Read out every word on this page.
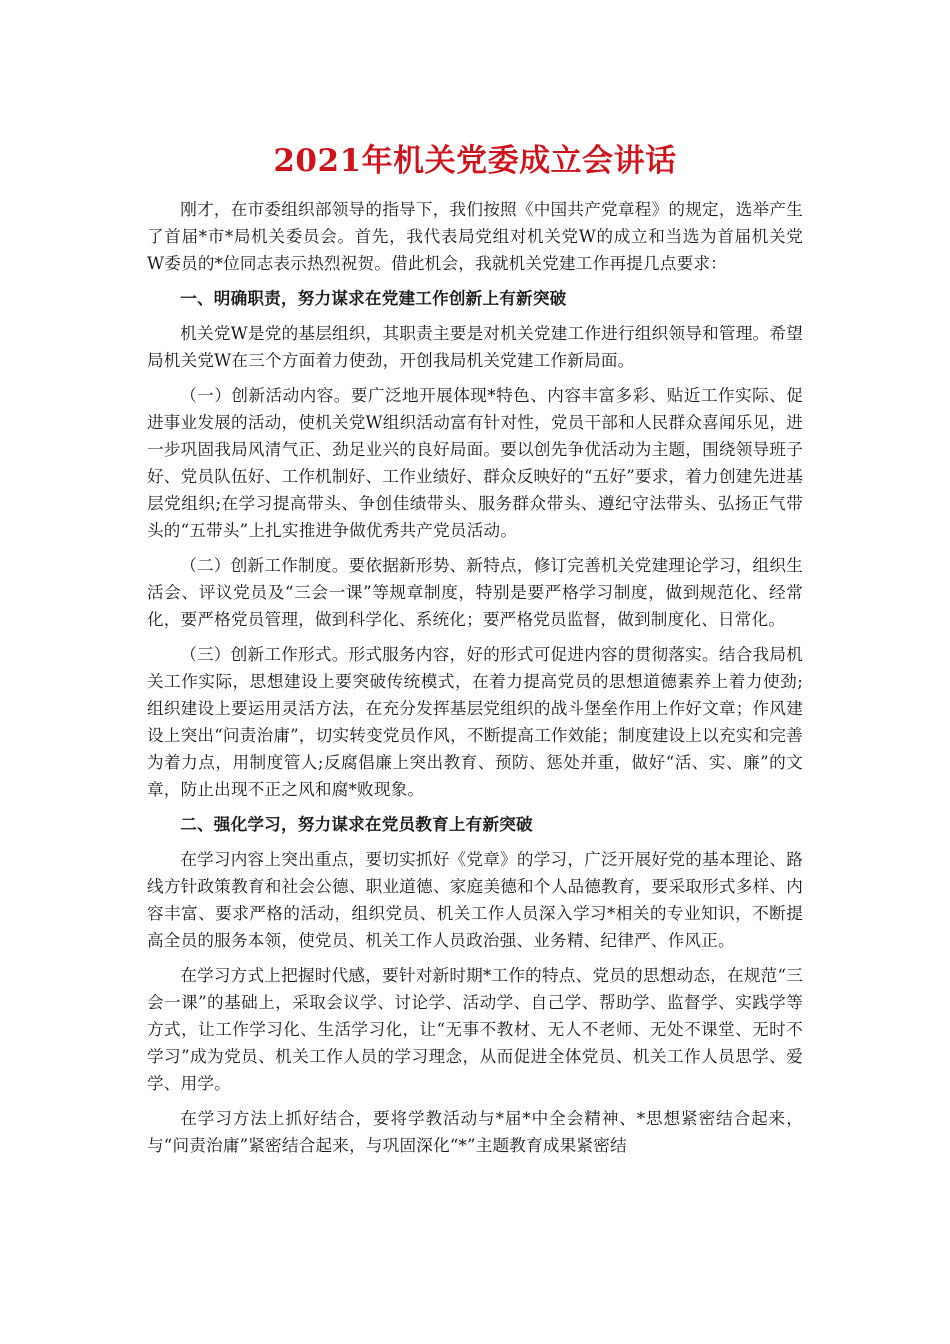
2021年机关党委成立会讲话

刚才，在市委组织部领导的指导下，我们按照《中国共产党章程》的规定，选举产生了首届*市*局机关委员会。首先，我代表局党组对机关党W的成立和当选为首届机关党W委员的*位同志表示热烈祝贺。借此机会，我就机关党建工作再提几点要求：

一、明确职责，努力谋求在党建工作创新上有新突破

机关党W是党的基层组织，其职责主要是对机关党建工作进行组织领导和管理。希望局机关党W在三个方面着力使劲，开创我局机关党建工作新局面。

（一）创新活动内容。要广泛地开展体现*特色、内容丰富多彩、贴近工作实际、促进事业发展的活动，使机关党W组织活动富有针对性，党员干部和人民群众喜闻乐见，进一步巩固我局风清气正、劲足业兴的良好局面。要以创先争优活动为主题，围绕领导班子好、党员队伍好、工作机制好、工作业绩好、群众反映好的“五好”要求，着力创建先进基层党组织;在学习提高带头、争创佳绩带头、服务群众带头、遵纪守法带头、弘扬正气带头的“五带头”上扎实推进争做优秀共产党员活动。

（二）创新工作制度。要依据新形势、新特点，修订完善机关党建理论学习，组织生活会、评议党员及“三会一课”等规章制度，特别是要严格学习制度，做到规范化、经常化，要严格党员管理，做到科学化、系统化；要严格党员监督，做到制度化、日常化。

（三）创新工作形式。形式服务内容，好的形式可促进内容的贯彻落实。结合我局机关工作实际，思想建设上要突破传统模式，在着力提高党员的思想道德素养上着力使劲;组织建设上要运用灵活方法，在充分发挥基层党组织的战斗堡垒作用上作好文章；作风建设上突出“问责治庸”，切实转变党员作风，不断提高工作效能；制度建设上以充实和完善为着力点，用制度管人;反腐倡廉上突出教育、预防、惩处并重，做好“活、实、廉”的文章，防止出现不正之风和腐*败现象。

二、强化学习，努力谋求在党员教育上有新突破

在学习内容上突出重点，要切实抓好《党章》的学习，广泛开展好党的基本理论、路线方针政策教育和社会公德、职业道德、家庭美德和个人品德教育，要采取形式多样、内容丰富、要求严格的活动，组织党员、机关工作人员深入学习*相关的专业知识，不断提高全员的服务本领，使党员、机关工作人员政治强、业务精、纪律严、作风正。

在学习方式上把握时代感，要针对新时期*工作的特点、党员的思想动态，在规范“三会一课”的基础上，采取会议学、讨论学、活动学、自己学、帮助学、监督学、实践学等方式，让工作学习化、生活学习化，让“无事不教材、无人不老师、无处不课堂、无时不学习”成为党员、机关工作人员的学习理念，从而促进全体党员、机关工作人员思学、爱学、用学。

在学习方法上抓好结合，要将学教活动与*届*中全会精神、*思想紧密结合起来，与“问责治庸”紧密结合起来，与巩固深化“*”主题教育成果紧密结
